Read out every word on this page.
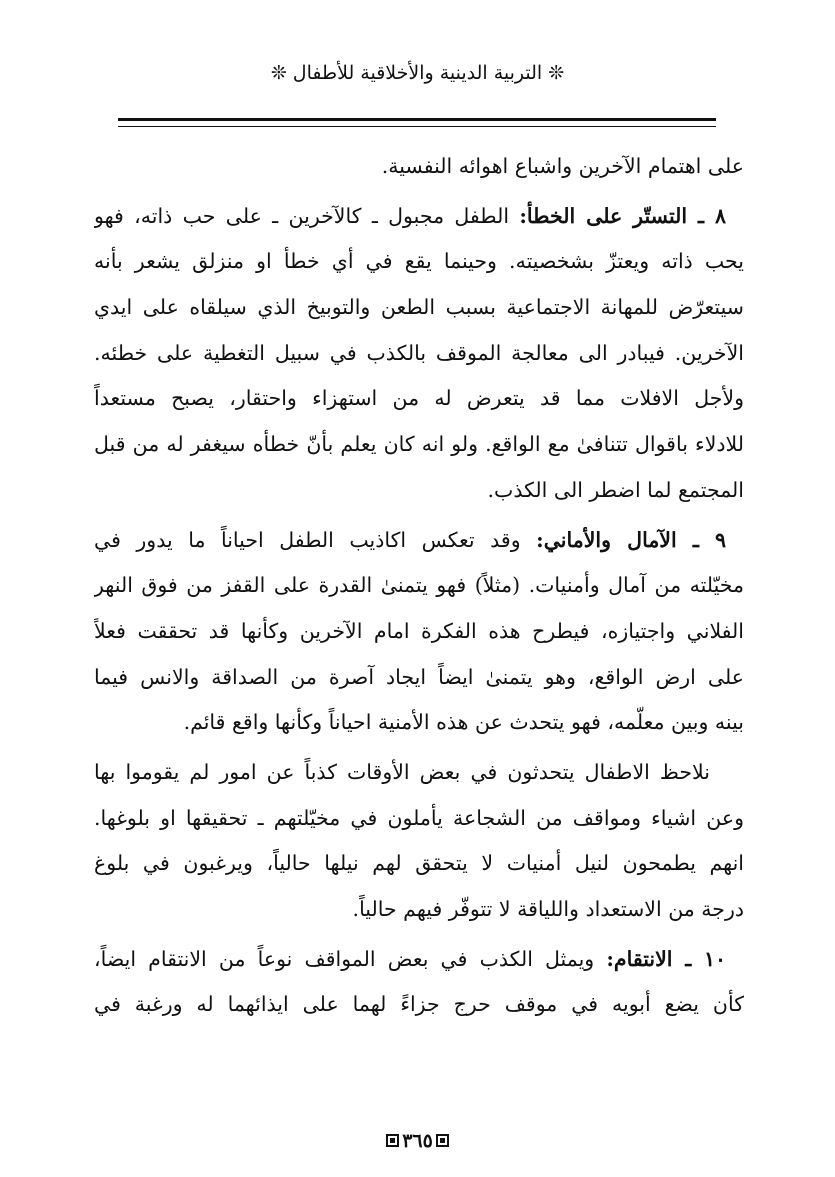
❊ التربية الدينية والأخلاقية للأطفال ❊
على اهتمام الآخرين واشباع اهوائه النفسية.
٨ ـ التستّر على الخطأ: الطفل مجبول ـ كالآخرين ـ على حب ذاته، فهو
يحب ذاته ويعتزّ بشخصيته. وحينما يقع في أي خطأ او منزلق يشعر بأنه
سيتعرّض للمهانة الاجتماعية بسبب الطعن والتوبيخ الذي سيلقاه على ايدي
الآخرين. فيبادر الى معالجة الموقف بالكذب في سبيل التغطية على خطئه.
ولأجل الافلات مما قد يتعرض له من استهزاء واحتقار، يصبح مستعداً
للادلاء باقوال تتنافىٰ مع الواقع. ولو انه كان يعلم بأنّ خطأه سيغفر له من قبل
المجتمع لما اضطر الى الكذب.
٩ ـ الآمال والأماني: وقد تعكس اكاذيب الطفل احياناً ما يدور في
مخيّلته من آمال وأمنيات. (مثلاً) فهو يتمنىٰ القدرة على القفز من فوق النهر
الفلاني واجتيازه، فيطرح هذه الفكرة امام الآخرين وكأنها قد تحققت فعلاً
على ارض الواقع، وهو يتمنىٰ ايضاً ايجاد آصرة من الصداقة والانس فيما
بينه وبين معلّمه، فهو يتحدث عن هذه الأمنية احياناً وكأنها واقع قائم.
نلاحظ الاطفال يتحدثون في بعض الأوقات كذباً عن امور لم يقوموا بها
وعن اشياء ومواقف من الشجاعة يأملون في مخيّلتهم ـ تحقيقها او بلوغها.
انهم يطمحون لنيل أمنيات لا يتحقق لهم نيلها حالياً، ويرغبون في بلوغ
درجة من الاستعداد واللياقة لا تتوفّر فيهم حالياً.
١٠ ـ الانتقام: ويمثل الكذب في بعض المواقف نوعاً من الانتقام ايضاً،
كأن يضع أبويه في موقف حرج جزاءً لهما على ايذائهما له ورغبة في
٣٦٥
